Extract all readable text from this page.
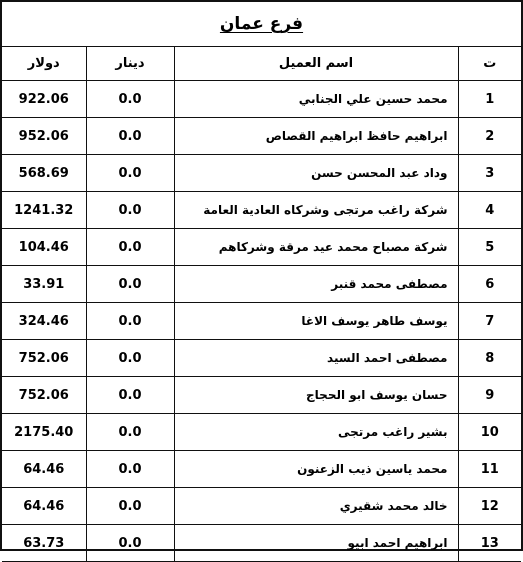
فرع عمان
دولار	دينار	اسم العميل	ت
922.06	0.0	محمد حسين علي الجنابي	1
952.06	0.0	ابراهيم حافظ ابراهيم القصاص	2
568.69	0.0	وداد عبد المحسن حسن	3
1241.32	0.0	شركة راغب مرتجى وشركاه العادية العامة	4
104.46	0.0	شركة مصباح محمد عيد مرقة وشركاهم	5
33.91	0.0	مصطفى محمد قنبر	6
324.46	0.0	يوسف طاهر يوسف الاغا	7
752.06	0.0	مصطفى احمد السيد	8
752.06	0.0	حسان يوسف ابو الحجاج	9
2175.40	0.0	بشير راغب مرتجى	10
64.46	0.0	محمد ياسين ذيب الزعنون	11
64.46	0.0	خالد محمد شقيري	12
63.73	0.0	ابراهيم احمد ابيو	13
